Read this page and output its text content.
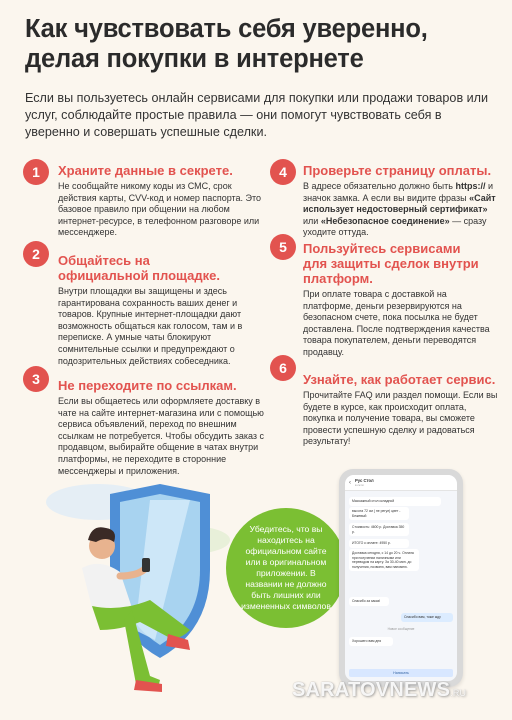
Как чувствовать себя уверенно, делая покупки в интернете
Если вы пользуетесь онлайн сервисами для покупки или продажи товаров или услуг, соблюдайте простые правила — они помогут чувствовать себя в уверенно и совершать успешные сделки.
1	Храните данные в секрете.
Не сообщайте никому коды из СМС, срок действия карты, CVV-код и номер паспорта. Это базовое правило при общении на любом интернет-ресурсе, в телефонном разговоре или мессенджере.
2	Общайтесь на официальной площадке.
Внутри площадки вы защищены и здесь гарантирована сохранность ваших денег и товаров. Крупные интернет-площадки дают возможность общаться как голосом, там и в переписке. А умные чаты блокируют сомнительные ссылки и предупреждают о подозрительных действиях собеседника.
3	Не переходите по ссылкам.
Если вы общаетесь или оформляете доставку в чате на сайте интернет-магазина или с помощью сервиса объявлений, переход по внешним ссылкам не потребуется. Чтобы обсудить заказ с продавцом, выбирайте общение в чатах внутри платформы, не переходите в сторонние мессенджеры и приложения.
4	Проверьте страницу оплаты.
В адресе обязательно должно быть https:// и значок замка. А если вы видите фразы «Сайт использует недостоверный сертификат» или «Небезопасное соединение» — сразу уходите оттуда.
5	Пользуйтесь сервисами для защиты сделок внутри платформ.
При оплате товара с доставкой на платформе, деньги резервируются на безопасном счете, пока посылка не будет доставлена. После подтверждения качества товара покупателем, деньги переводятся продавцу.
6
Узнайте, как работает сервис.
Прочитайте FAQ или раздел помощи. Если вы будете в курсе, как происходит оплата, покупка и получение товара, вы сможете провести успешную сделку и радоваться результату!
Убедитесь, что вы находитесь на официальном сайте или в оригинальном приложении. В названии не должно быть лишних или измененных символов
‹ Рус Стол
в сети
Массажный стол складной
высота 72 см ( не регул) цвет - Бежевый
Стоимость: 4600 р. Доставка 350 р.
ИТОГО к оплате: 4950 р.
Доставка сегодня, с 14 до 20 ч. Оплата при получении наличными или переводом на карту. За 30-40 мин. до получения, позвоню, вам напомню.
Спасибо за заказ!
Спасибо вам, тоже жду
Новое сообщение
Хорошего вам дня
Написать
SARATOVNEWS.RU
